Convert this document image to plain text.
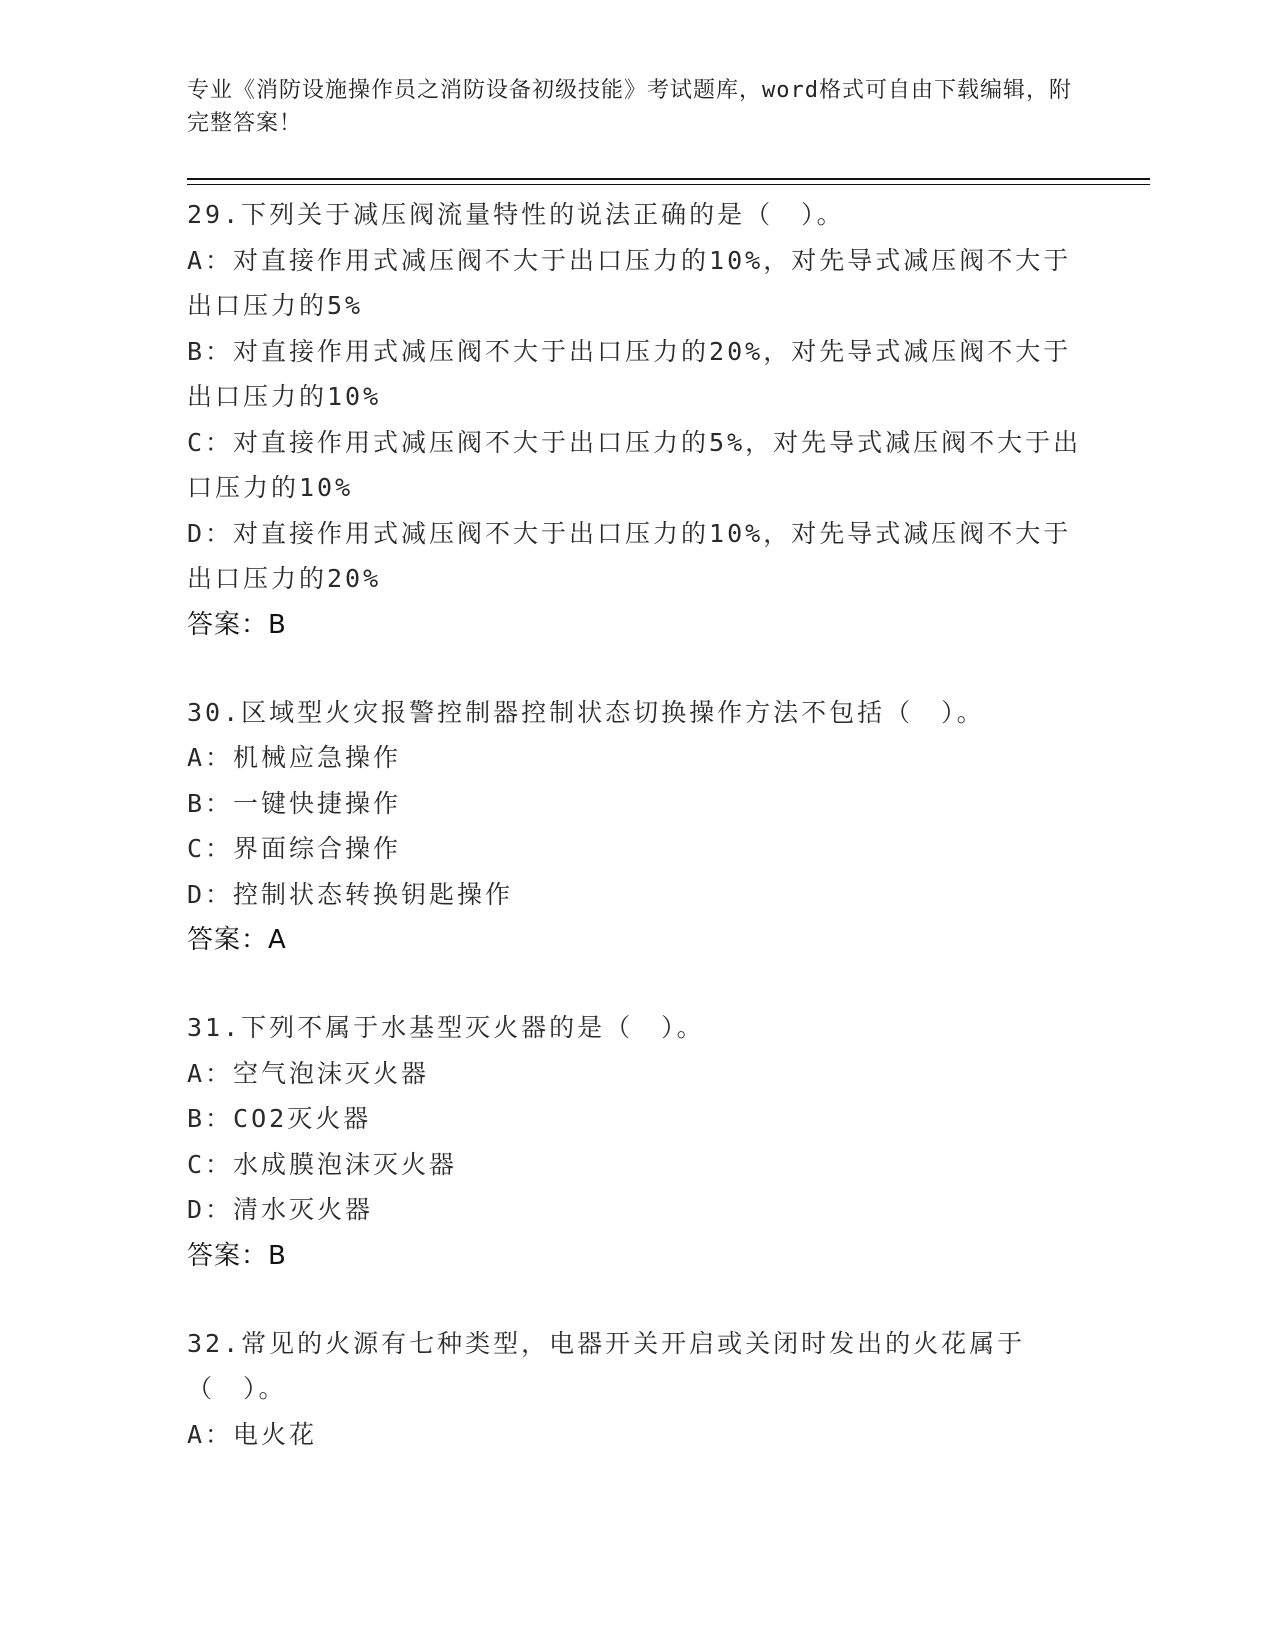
专业《消防设施操作员之消防设备初级技能》考试题库，word格式可自由下载编辑，附完整答案！

29.下列关于减压阀流量特性的说法正确的是（　）。

A：对直接作用式减压阀不大于出口压力的10%，对先导式减压阀不大于出口压力的5%

B：对直接作用式减压阀不大于出口压力的20%，对先导式减压阀不大于出口压力的10%

C：对直接作用式减压阀不大于出口压力的5%，对先导式减压阀不大于出口压力的10%

D：对直接作用式减压阀不大于出口压力的10%，对先导式减压阀不大于出口压力的20%

答案：B

30.区域型火灾报警控制器控制状态切换操作方法不包括（　）。

A：机械应急操作

B：一键快捷操作

C：界面综合操作

D：控制状态转换钥匙操作

答案：A

31.下列不属于水基型灭火器的是（　）。

A：空气泡沫灭火器

B：CO2灭火器

C：水成膜泡沫灭火器

D：清水灭火器

答案：B

32.常见的火源有七种类型，电器开关开启或关闭时发出的火花属于（　）。

A：电火花
